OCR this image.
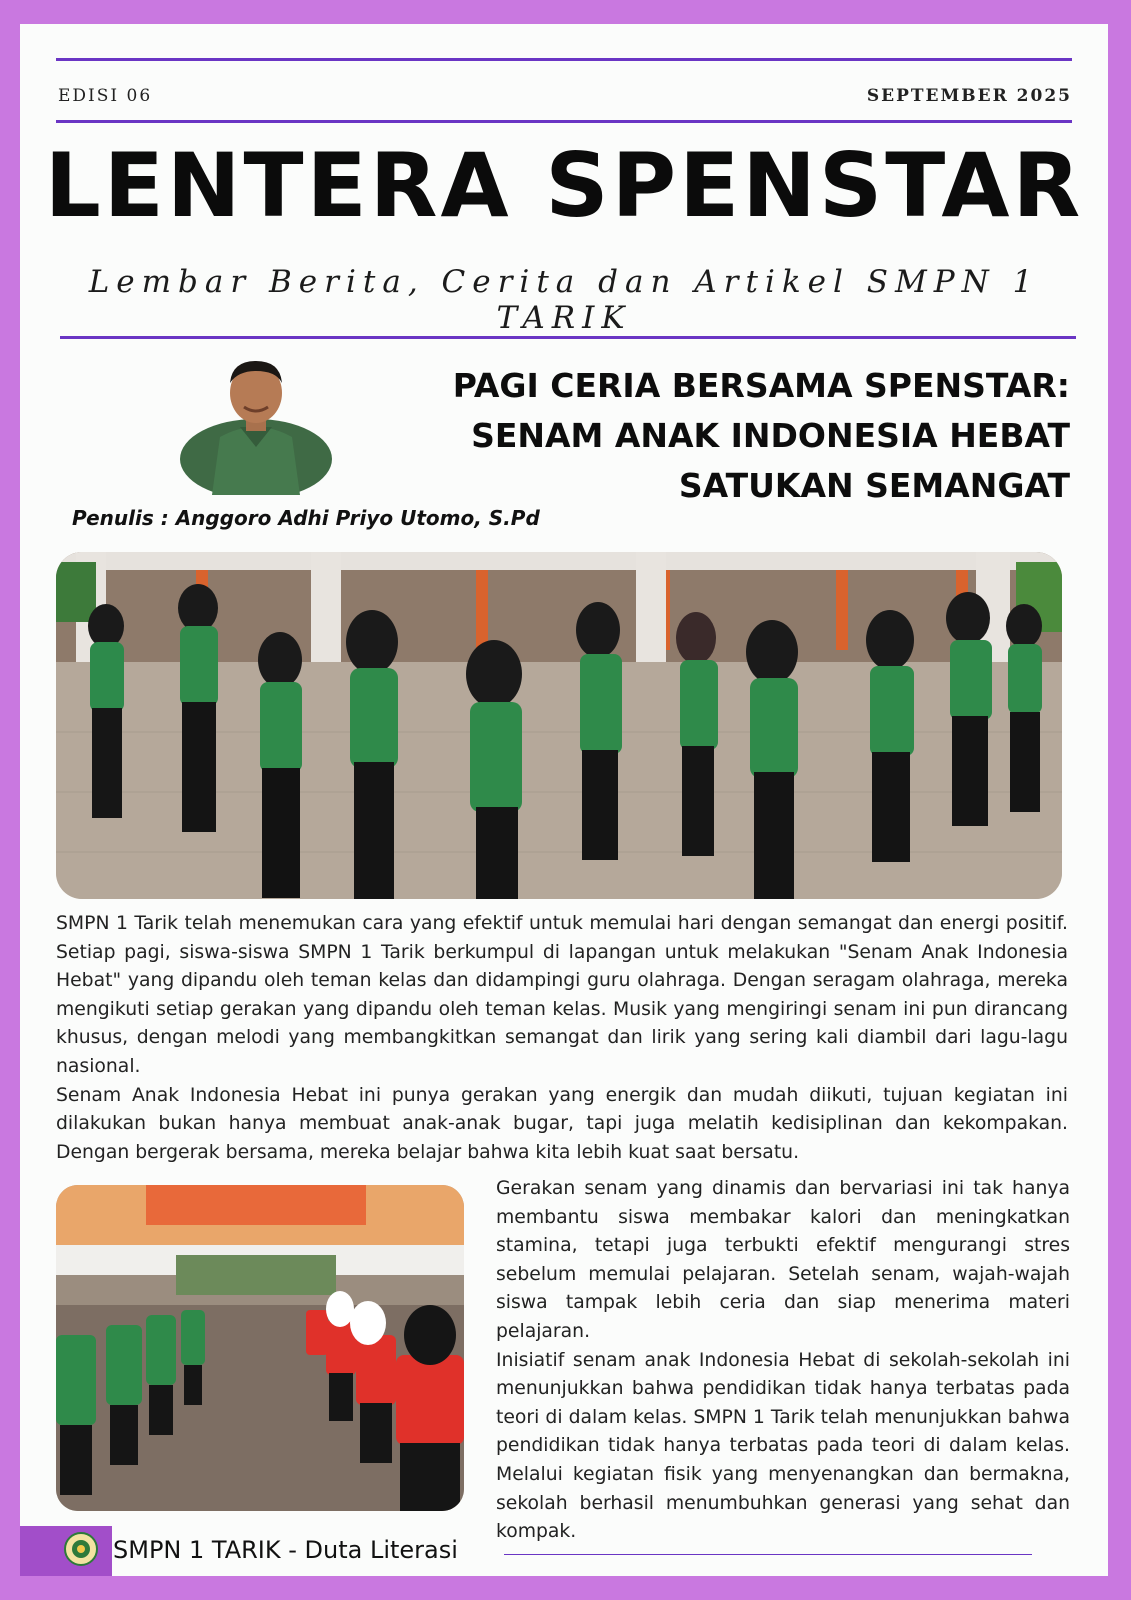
EDISI 06	SEPTEMBER 2025
LENTERA SPENSTAR
Lembar Berita, Cerita dan Artikel SMPN 1 TARIK
PAGI CERIA BERSAMA SPENSTAR:
SENAM ANAK INDONESIA HEBAT
SATUKAN SEMANGAT
Penulis : Anggoro Adhi Priyo Utomo, S.Pd

SMPN 1 Tarik telah menemukan cara yang efektif untuk memulai hari dengan semangat dan energi positif. Setiap pagi, siswa-siswa SMPN 1 Tarik berkumpul di lapangan untuk melakukan "Senam Anak Indonesia Hebat" yang dipandu oleh teman kelas dan didampingi guru olahraga. Dengan seragam olahraga, mereka mengikuti setiap gerakan yang dipandu oleh teman kelas. Musik yang mengiringi senam ini pun dirancang khusus, dengan melodi yang membangkitkan semangat dan lirik yang sering kali diambil dari lagu-lagu nasional.

Senam Anak Indonesia Hebat ini punya gerakan yang energik dan mudah diikuti, tujuan kegiatan ini dilakukan bukan hanya membuat anak-anak bugar, tapi juga melatih kedisiplinan dan kekompakan. Dengan bergerak bersama, mereka belajar bahwa kita lebih kuat saat bersatu.

Gerakan senam yang dinamis dan bervariasi ini tak hanya membantu siswa membakar kalori dan meningkatkan stamina, tetapi juga terbukti efektif mengurangi stres sebelum memulai pelajaran. Setelah senam, wajah-wajah siswa tampak lebih ceria dan siap menerima materi pelajaran.

Inisiatif senam anak Indonesia Hebat di sekolah-sekolah ini menunjukkan bahwa pendidikan tidak hanya terbatas pada teori di dalam kelas. SMPN 1 Tarik telah menunjukkan bahwa pendidikan tidak hanya terbatas pada teori di dalam kelas. Melalui kegiatan fisik yang menyenangkan dan bermakna, sekolah berhasil menumbuhkan generasi yang sehat dan kompak.

SMPN 1 TARIK - Duta Literasi
